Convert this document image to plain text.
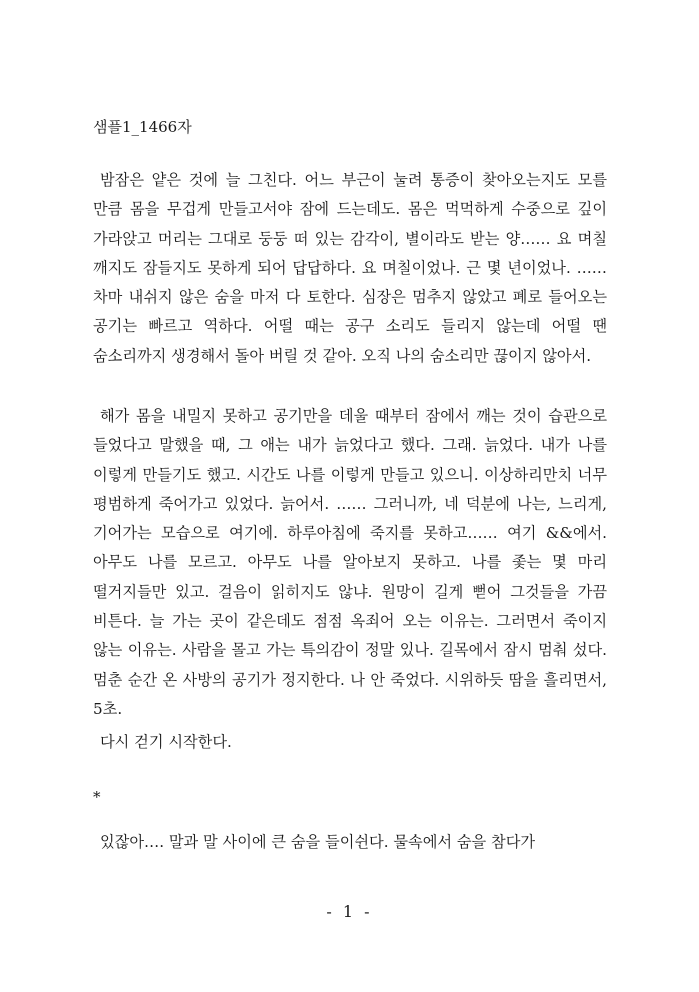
샘플1_1466자

밤잠은 얕은 것에 늘 그친다. 어느 부근이 눌려 통증이 찾아오는지도 모를 만큼 몸을 무겁게 만들고서야 잠에 드는데도. 몸은 먹먹하게 수중으로 깊이 가라앉고 머리는 그대로 둥둥 떠 있는 감각이, 별이라도 받는 양…… 요 며칠 깨지도 잠들지도 못하게 되어 답답하다. 요 며칠이었나. 근 몇 년이었나. …… 차마 내쉬지 않은 숨을 마저 다 토한다. 심장은 멈추지 않았고 폐로 들어오는 공기는 빠르고 역하다. 어떨 때는 공구 소리도 들리지 않는데 어떨 땐 숨소리까지 생경해서 돌아 버릴 것 같아. 오직 나의 숨소리만 끊이지 않아서.

해가 몸을 내밀지 못하고 공기만을 데울 때부터 잠에서 깨는 것이 습관으로 들었다고 말했을 때, 그 애는 내가 늙었다고 했다. 그래. 늙었다. 내가 나를 이렇게 만들기도 했고. 시간도 나를 이렇게 만들고 있으니. 이상하리만치 너무 평범하게 죽어가고 있었다. 늙어서. …… 그러니까, 네 덕분에 나는, 느리게, 기어가는 모습으로 여기에. 하루아침에 죽지를 못하고…… 여기 &&에서. 아무도 나를 모르고. 아무도 나를 알아보지 못하고. 나를 좇는 몇 마리 떨거지들만 있고. 걸음이 읽히지도 않냐. 원망이 길게 뻗어 그것들을 가끔 비튼다. 늘 가는 곳이 같은데도 점점 옥죄어 오는 이유는. 그러면서 죽이지 않는 이유는. 사람을 몰고 가는 특의감이 정말 있나. 길목에서 잠시 멈춰 섰다. 멈춘 순간 온 사방의 공기가 정지한다. 나 안 죽었다. 시위하듯 땀을 흘리면서, 5초.

다시 걷기 시작한다.

*

있잖아…. 말과 말 사이에 큰 숨을 들이쉰다. 물속에서 숨을 참다가

- 1 -
